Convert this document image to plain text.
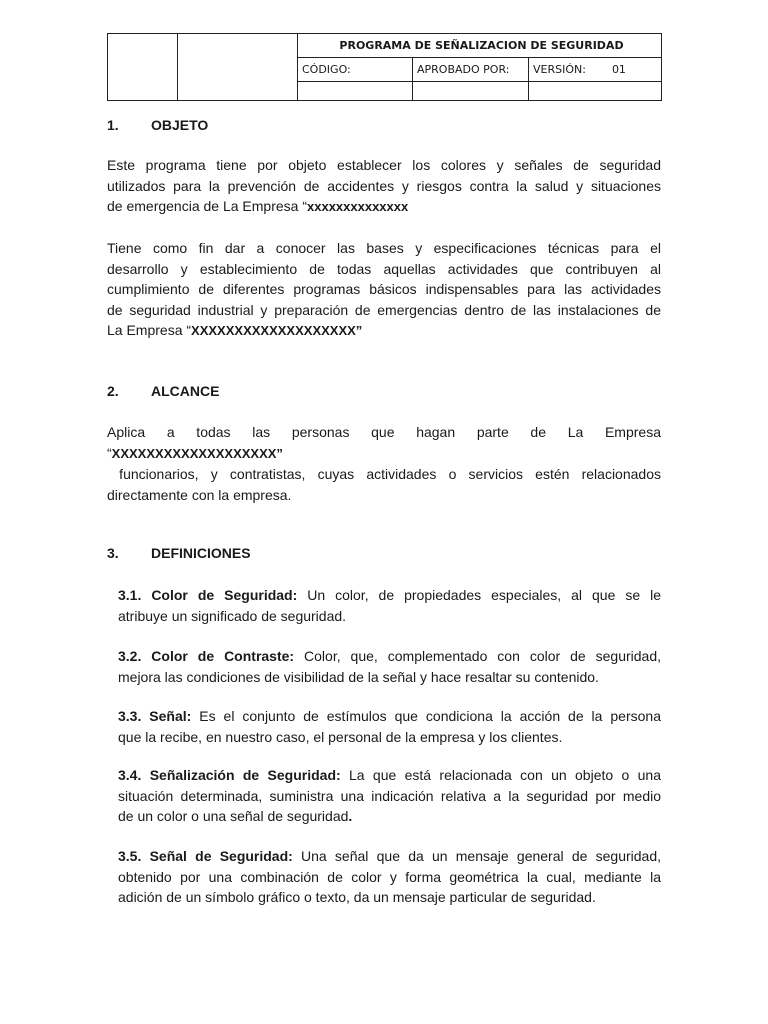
		PROGRAMA DE SEÑALIZACION DE SEGURIDAD		
		CÓDIGO:	APROBADO POR:	VERSIÓN: 01

1. OBJETO

Este programa tiene por objeto establecer los colores y señales de seguridad
utilizados para la prevención de accidentes y riesgos contra la salud y situaciones
de emergencia de La Empresa “xxxxxxxxxxxxxx

Tiene como fin dar a conocer las bases y especificaciones técnicas para el
desarrollo y establecimiento de todas aquellas actividades que contribuyen al
cumplimiento de diferentes programas básicos indispensables para las actividades
de seguridad industrial y preparación de emergencias dentro de las instalaciones de
La Empresa “XXXXXXXXXXXXXXXXXXX”

2. ALCANCE

Aplica a todas las personas que hagan parte de La Empresa
“XXXXXXXXXXXXXXXXXXX”
funcionarios, y contratistas, cuyas actividades o servicios estén relacionados
directamente con la empresa.

3. DEFINICIONES

3.1. Color de Seguridad: Un color, de propiedades especiales, al que se le
atribuye un significado de seguridad.

3.2. Color de Contraste: Color, que, complementado con color de seguridad,
mejora las condiciones de visibilidad de la señal y hace resaltar su contenido.

3.3. Señal: Es el conjunto de estímulos que condiciona la acción de la persona
que la recibe, en nuestro caso, el personal de la empresa y los clientes.

3.4. Señalización de Seguridad: La que está relacionada con un objeto o una
situación determinada, suministra una indicación relativa a la seguridad por medio
de un color o una señal de seguridad.

3.5. Señal de Seguridad: Una señal que da un mensaje general de seguridad,
obtenido por una combinación de color y forma geométrica la cual, mediante la
adición de un símbolo gráfico o texto, da un mensaje particular de seguridad.
